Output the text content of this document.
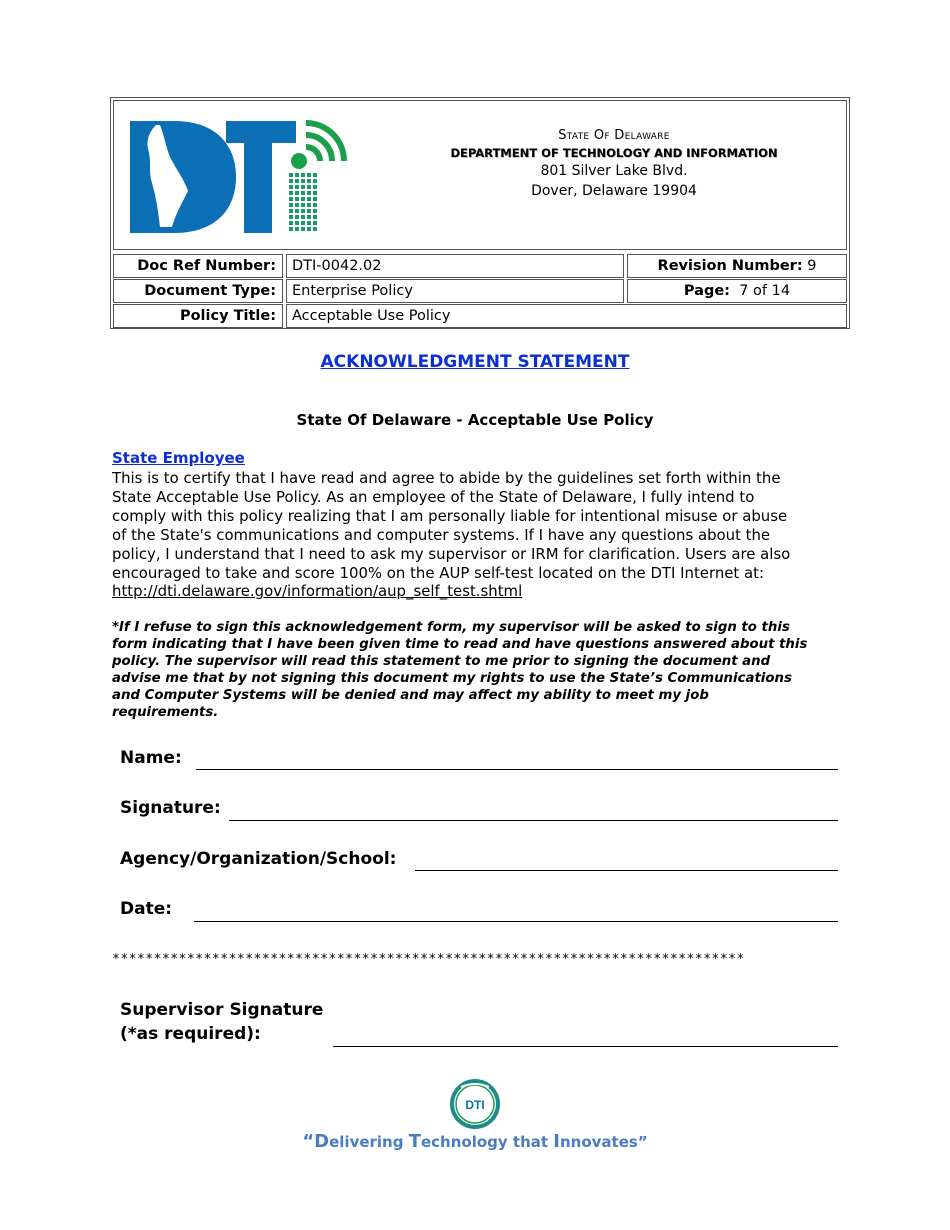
State Of Delaware
DEPARTMENT OF TECHNOLOGY AND INFORMATION
801 Silver Lake Blvd.
Dover, Delaware 19904
Doc Ref Number:	DTI-0042.02	Revision Number: 9
Document Type:	Enterprise Policy	Page: 7 of 14
Policy Title:	Acceptable Use Policy
ACKNOWLEDGMENT STATEMENT
State Of Delaware - Acceptable Use Policy
State Employee
This is to certify that I have read and agree to abide by the guidelines set forth within the
State Acceptable Use Policy. As an employee of the State of Delaware, I fully intend to
comply with this policy realizing that I am personally liable for intentional misuse or abuse
of the State's communications and computer systems. If I have any questions about the
policy, I understand that I need to ask my supervisor or IRM for clarification. Users are also
encouraged to take and score 100% on the AUP self-test located on the DTI Internet at:
http://dti.delaware.gov/information/aup_self_test.shtml
*If I refuse to sign this acknowledgement form, my supervisor will be asked to sign to this
form indicating that I have been given time to read and have questions answered about this
policy. The supervisor will read this statement to me prior to signing the document and
advise me that by not signing this document my rights to use the State’s Communications
and Computer Systems will be denied and may affect my ability to meet my job
requirements.
Name:
Signature:
Agency/Organization/School:
Date:
****************************************************************************
Supervisor Signature
(*as required):
DTI
“Delivering Technology that Innovates”
